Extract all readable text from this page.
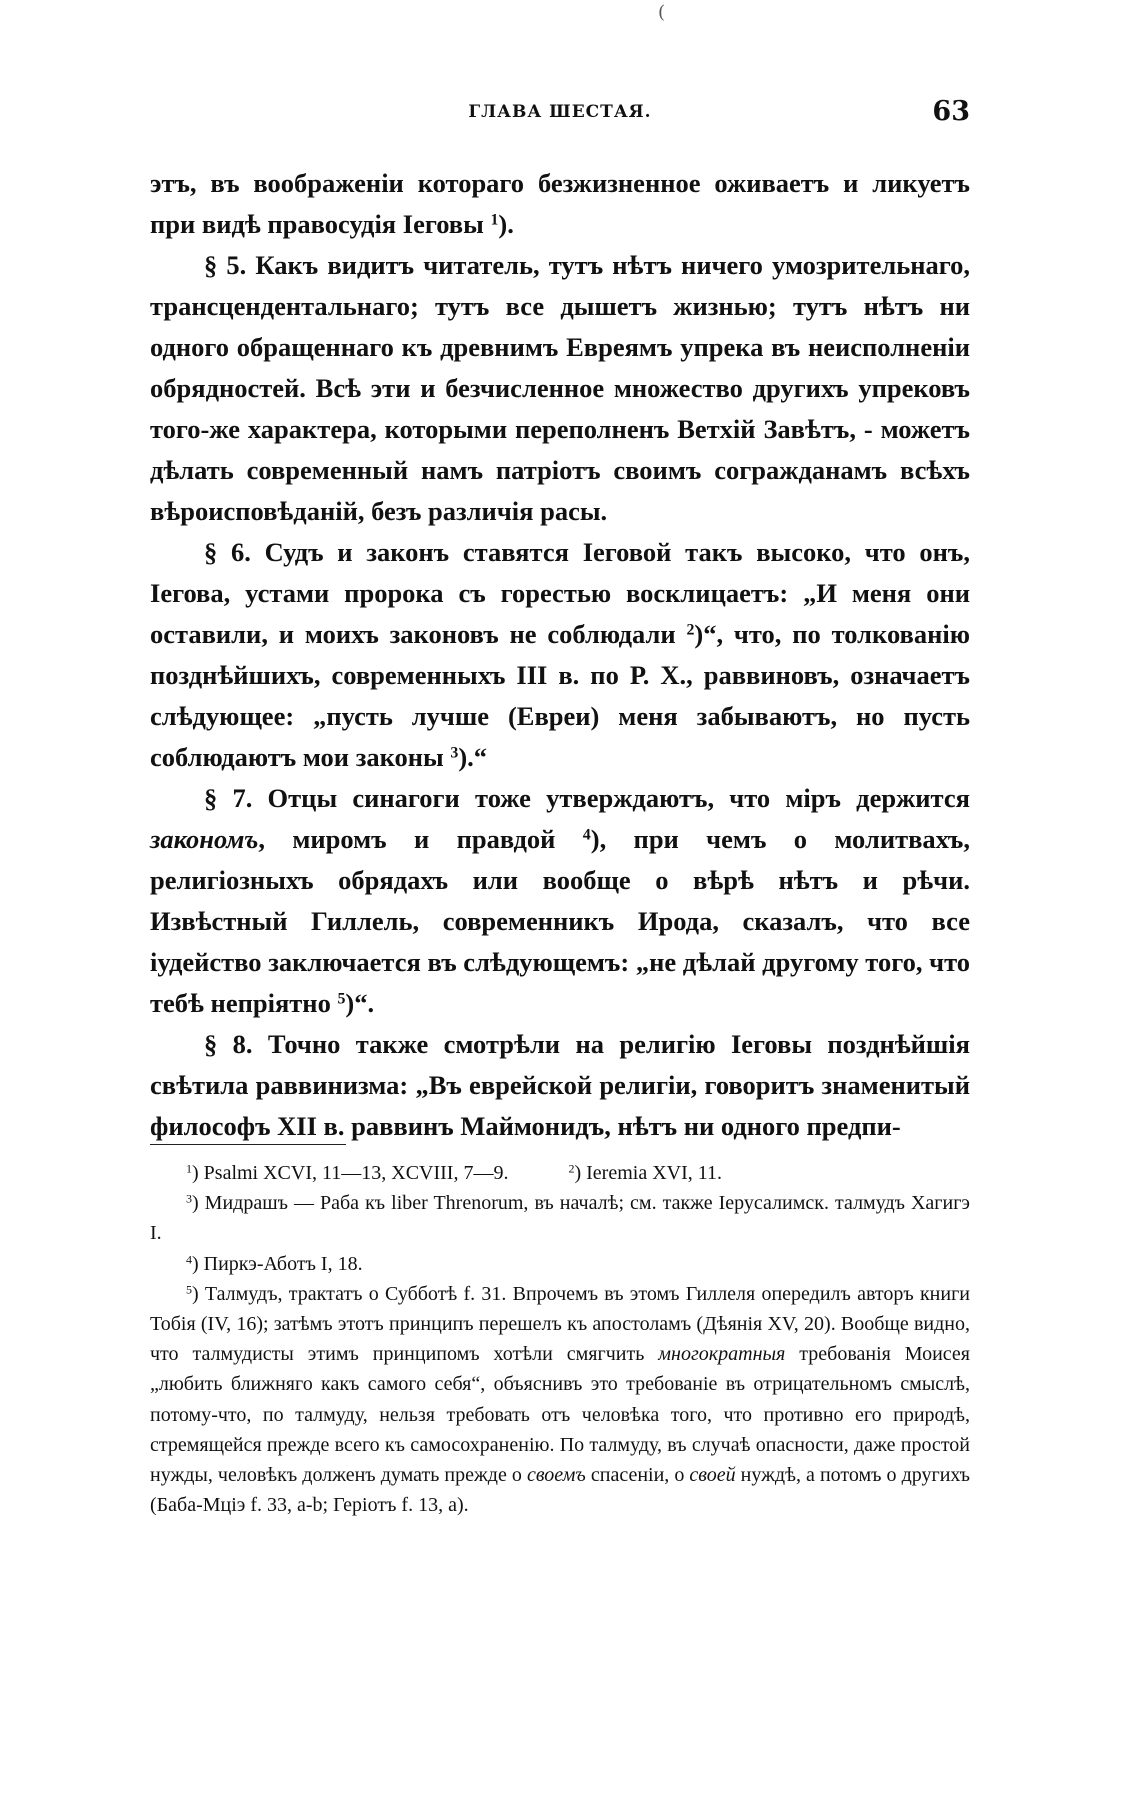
(
ГЛАВА ШЕСТАЯ.	63

этъ, въ воображеніи котораго безжизненное оживаетъ и ликуетъ при видѣ правосудія Іеговы $^1$).

§ 5. Какъ видитъ читатель, тутъ нѣтъ ничего умозрительнаго, трансцендентальнаго; тутъ все дышетъ жизнью; тутъ нѣтъ ни одного обращеннаго къ древнимъ Евреямъ упрека въ неисполненіи обрядностей. Всѣ эти и безчисленное множество другихъ упрековъ того-же характера, которыми переполненъ Ветхій Завѣтъ, - можетъ дѣлать современный намъ патріотъ своимъ согражданамъ всѣхъ вѣроисповѣданій, безъ различія расы.

§ 6. Судъ и законъ ставятся Іеговой такъ высоко, что онъ, Іегова, устами пророка съ горестью восклицаетъ: „И меня они оставили, и моихъ законовъ не соблюдали $^2$)“, что, по толкованію позднѣйшихъ, современныхъ III в. по Р. Х., раввиновъ, означаетъ слѣдующее: „пусть лучше (Евреи) меня забываютъ, но пусть соблюдаютъ мои законы $^3$).“

§ 7. Отцы синагоги тоже утверждаютъ, что міръ держится закономъ, миромъ и правдой $^4$), при чемъ о молитвахъ, религіозныхъ обрядахъ или вообще о вѣрѣ нѣтъ и рѣчи. Извѣстный Гиллель, современникъ Ирода, сказалъ, что все іудейство заключается въ слѣдующемъ: „не дѣлай другому того, что тебѣ непріятно $^5$)“.

§ 8. Точно также смотрѣли на религію Іеговы позднѣйшія свѣтила раввинизма: „Въ еврейской религіи, говоритъ знаменитый философъ XII в. раввинъ Маймонидъ, нѣтъ ни одного предпи-

$^1$) Psalmi XCVI, 11—13, XCVIII, 7—9.	$^2$) Ieremia XVI, 11.

$^3$) Мидрашъ — Раба къ liber Threnorum, въ началѣ; см. также Іерусалимск. талмудъ Хагигэ I.

$^4$) Пиркэ-Аботъ I, 18.

$^5$) Талмудъ, трактатъ о Субботѣ f. 31. Впрочемъ въ этомъ Гиллеля опередилъ авторъ книги Тобія (IV, 16); затѣмъ этотъ принципъ перешелъ къ апостоламъ (Дѣянія XV, 20). Вообще видно, что талмудисты этимъ принципомъ хотѣли смягчить многократныя требованія Моисея „любить ближняго какъ самого себя“, объяснивъ это требованіе въ отрицательномъ смыслѣ, потому-что, по талмуду, нельзя требовать отъ человѣка того, что противно его природѣ, стремящейся прежде всего къ самосохраненію. По талмуду, въ случаѣ опасности, даже простой нужды, человѣкъ долженъ думать прежде о своемъ спасеніи, о своей нуждѣ, а потомъ о другихъ (Баба-Мціэ f. 33, a-b; Геріотъ f. 13, a).
